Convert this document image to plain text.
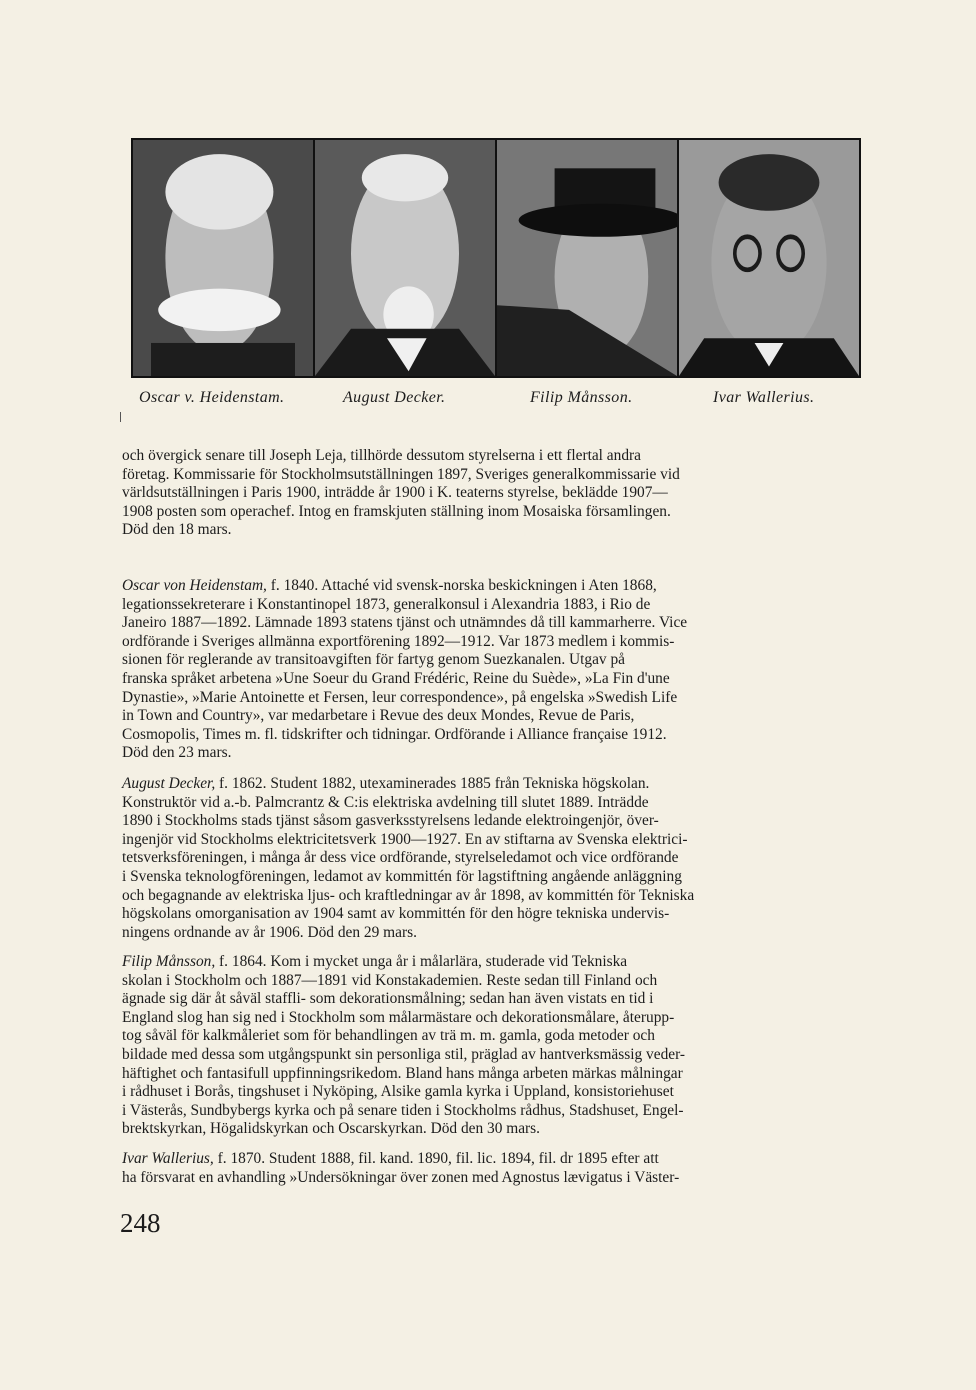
Oscar v. Heidenstam.	August Decker.	Filip Månsson.	Ivar Wallerius.
och övergick senare till Joseph Leja, tillhörde dessutom styrelserna i ett flertal andra
företag. Kommissarie för Stockholmsutställningen 1897, Sveriges generalkommissarie vid
världsutställningen i Paris 1900, inträdde år 1900 i K. teaterns styrelse, beklädde 1907—
1908 posten som operachef. Intog en framskjuten ställning inom Mosaiska församlingen.
Död den 18 mars.
Oscar von Heidenstam, f. 1840. Attaché vid svensk-norska beskickningen i Aten 1868,
legationssekreterare i Konstantinopel 1873, generalkonsul i Alexandria 1883, i Rio de
Janeiro 1887—1892. Lämnade 1893 statens tjänst och utnämndes då till kammarherre. Vice
ordförande i Sveriges allmänna exportförening 1892—1912. Var 1873 medlem i kommis-
sionen för reglerande av transitoavgiften för fartyg genom Suezkanalen. Utgav på
franska språket arbetena »Une Soeur du Grand Frédéric, Reine du Suède», »La Fin d'une
Dynastie», »Marie Antoinette et Fersen, leur correspondence», på engelska »Swedish Life
in Town and Country», var medarbetare i Revue des deux Mondes, Revue de Paris,
Cosmopolis, Times m. fl. tidskrifter och tidningar. Ordförande i Alliance française 1912.
Död den 23 mars.
August Decker, f. 1862. Student 1882, utexaminerades 1885 från Tekniska högskolan.
Konstruktör vid a.-b. Palmcrantz & C:is elektriska avdelning till slutet 1889. Inträdde
1890 i Stockholms stads tjänst såsom gasverksstyrelsens ledande elektroingenjör, över-
ingenjör vid Stockholms elektricitetsverk 1900—1927. En av stiftarna av Svenska elektrici-
tetsverksföreningen, i många år dess vice ordförande, styrelseledamot och vice ordförande
i Svenska teknologföreningen, ledamot av kommittén för lagstiftning angående anläggning
och begagnande av elektriska ljus- och kraftledningar av år 1898, av kommittén för Tekniska
högskolans omorganisation av 1904 samt av kommittén för den högre tekniska undervis-
ningens ordnande av år 1906. Död den 29 mars.
Filip Månsson, f. 1864. Kom i mycket unga år i målarlära, studerade vid Tekniska
skolan i Stockholm och 1887—1891 vid Konstakademien. Reste sedan till Finland och
ägnade sig där åt såväl staffli- som dekorationsmålning; sedan han även vistats en tid i
England slog han sig ned i Stockholm som målarmästare och dekorationsmålare, återupp-
tog såväl för kalkmåleriet som för behandlingen av trä m. m. gamla, goda metoder och
bildade med dessa som utgångspunkt sin personliga stil, präglad av hantverksmässig veder-
häftighet och fantasifull uppfinningsrikedom. Bland hans många arbeten märkas målningar
i rådhuset i Borås, tingshuset i Nyköping, Alsike gamla kyrka i Uppland, konsistoriehuset
i Västerås, Sundbybergs kyrka och på senare tiden i Stockholms rådhus, Stadshuset, Engel-
brektskyrkan, Högalidskyrkan och Oscarskyrkan. Död den 30 mars.
Ivar Wallerius, f. 1870. Student 1888, fil. kand. 1890, fil. lic. 1894, fil. dr 1895 efter att
ha försvarat en avhandling »Undersökningar över zonen med Agnostus lævigatus i Väster-
248
